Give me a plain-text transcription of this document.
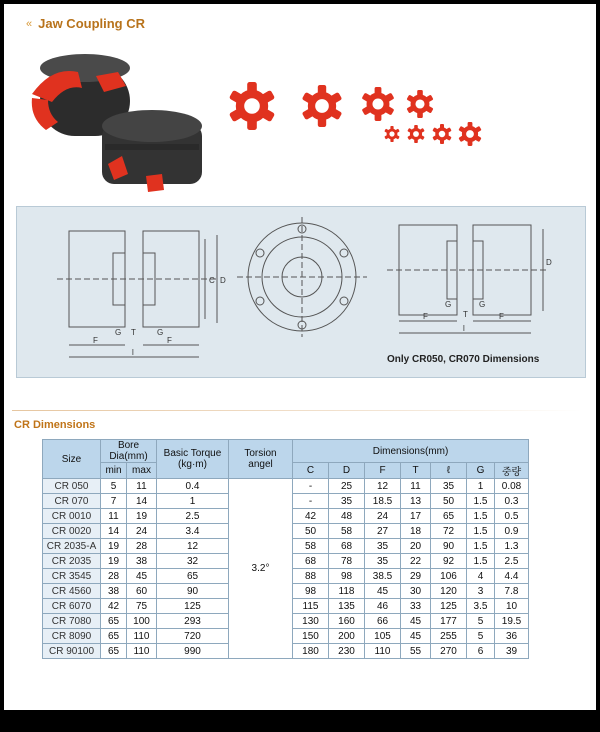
« Jaw Coupling CR
C D
F	F
G	G
T
l
D
F	F
G
T
G
l
Only CR050, CR070 Dimensions
CR Dimensions
Size	Bore Dia(mm)		Basic Torque (kg·m)	Torsion angel	Dimensions(mm)						
	min	max			C	D	F	T	ℓ	G	중량
CR 050	5	11	0.4	3.2°	-	25	12	11	35	1	0.08
CR 070	7	14	1		-	35	18.5	13	50	1.5	0.3
CR 0010	11	19	2.5		42	48	24	17	65	1.5	0.5
CR 0020	14	24	3.4		50	58	27	18	72	1.5	0.9
CR 2035-A	19	28	12		58	68	35	20	90	1.5	1.3
CR 2035	19	38	32		68	78	35	22	92	1.5	2.5
CR 3545	28	45	65		88	98	38.5	29	106	4	4.4
CR 4560	38	60	90		98	118	45	30	120	3	7.8
CR 6070	42	75	125		115	135	46	33	125	3.5	10
CR 7080	65	100	293		130	160	66	45	177	5	19.5
CR 8090	65	110	720		150	200	105	45	255	5	36
CR 90100	65	110	990		180	230	110	55	270	6	39
[650x775] http://upic.me/
